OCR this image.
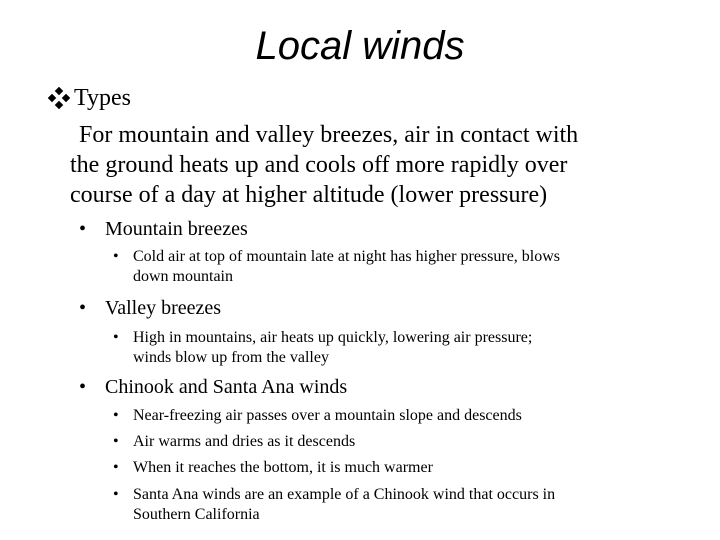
Local winds
Types
For mountain and valley breezes, air in contact with
the ground heats up and cools off more rapidly over
course of a day at higher altitude (lower pressure)
• Mountain breezes
• Cold air at top of mountain late at night has higher pressure, blows
down mountain
• Valley breezes
• High in mountains, air heats up quickly, lowering air pressure;
winds blow up from the valley
• Chinook and Santa Ana winds
• Near-freezing air passes over a mountain slope and descends
• Air warms and dries as it descends
• When it reaches the bottom, it is much warmer
• Santa Ana winds are an example of a Chinook wind that occurs in
Southern California
